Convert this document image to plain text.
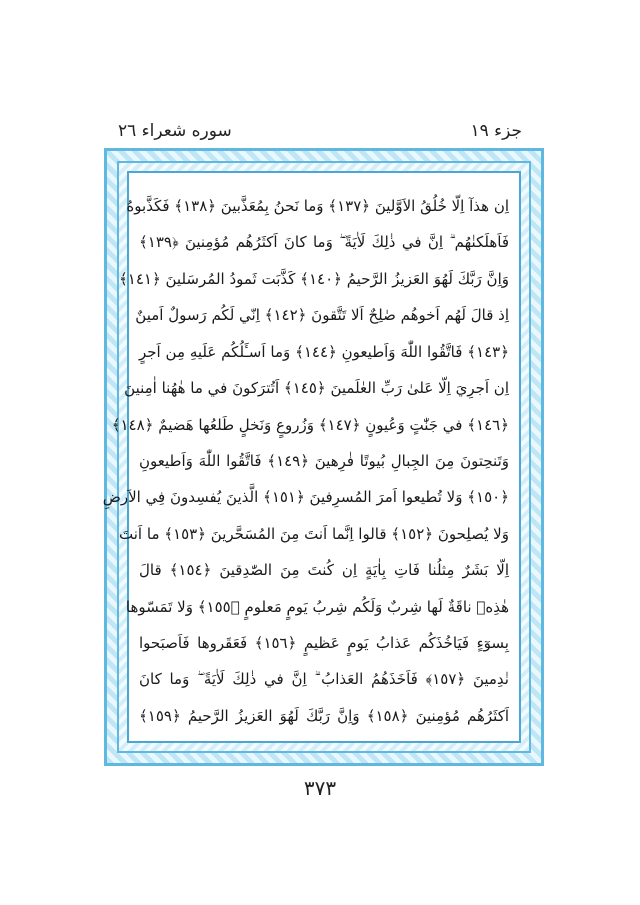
جزء ١٩
سوره شعراء ٢٦
اِن هذآ اِلّا خُلُقُ الاَوَّلينَ ﴿١٣٧﴾ وَما نَحنُ بِمُعَذَّبينَ ﴿١٣٨﴾ فَكَذَّبوهُ
فَاَهلَكنٰهُم ۗ اِنَّ في ذٰلِكَ لَاٰيَةً ۖ وَما كانَ اَكثَرُهُم مُؤمِنينَ ﴿١٣٩﴾
وَاِنَّ رَبَّكَ لَهُوَ العَزيزُ الرَّحيمُ ﴿١٤٠﴾ كَذَّبَت ثَمودُ المُرسَلينَ ﴿١٤١﴾
اِذ قالَ لَهُم اَخوهُم صٰلِحٌ اَلا تَتَّقونَ ﴿١٤٢﴾ اِنّي لَكُم رَسولٌ اَمينٌ
﴿١٤٣﴾ فَاتَّقُوا اللّٰهَ وَاَطيعونِ ﴿١٤٤﴾ وَما اَسـَٔلُكُم عَلَيهِ مِن اَجرٍ
اِن اَجرِيَ اِلّا عَلىٰ رَبِّ العٰلَمينَ ﴿١٤٥﴾ اَتُترَكونَ في ما هٰهُنا اٰمِنينَ
﴿١٤٦﴾ في جَنّٰتٍ وَعُيونٍ ﴿١٤٧﴾ وَزُروعٍ وَنَخلٍ طَلعُها هَضيمٌ ﴿١٤٨﴾
وَتَنحِتونَ مِنَ الجِبالِ بُيوتًا فٰرِهينَ ﴿١٤٩﴾ فَاتَّقُوا اللّٰهَ وَاَطيعونِ
﴿١٥٠﴾ وَلا تُطيعوا اَمرَ المُسرِفينَ ﴿١٥١﴾ الَّذينَ يُفسِدونَ فِي الاَرضِ
وَلا يُصلِحونَ ﴿١٥٢﴾ قالوا اِنَّما اَنتَ مِنَ المُسَحَّرينَ ﴿١٥٣﴾ ما اَنتَ
اِلّا بَشَرٌ مِثلُنا فَاتِ بِاٰيَةٍ اِن كُنتَ مِنَ الصّٰدِقينَ ﴿١٥٤﴾ قالَ
هٰذِهٖ ناقَةٌ لَها شِربٌ وَلَكُم شِربُ يَومٍ مَعلومٍ ﴿١٥٥﴾ وَلا تَمَسّوها
بِسوٓءٍ فَيَاخُذَكُم عَذابُ يَومٍ عَظيمٍ ﴿١٥٦﴾ فَعَقَروها فَاَصبَحوا
نٰدِمينَ ﴿١٥٧﴾ فَاَخَذَهُمُ العَذابُ ۗ اِنَّ في ذٰلِكَ لَاٰيَةً ۖ وَما كانَ
اَكثَرُهُم مُؤمِنينَ ﴿١٥٨﴾ وَاِنَّ رَبَّكَ لَهُوَ العَزيزُ الرَّحيمُ ﴿١٥٩﴾
٣٧٣
